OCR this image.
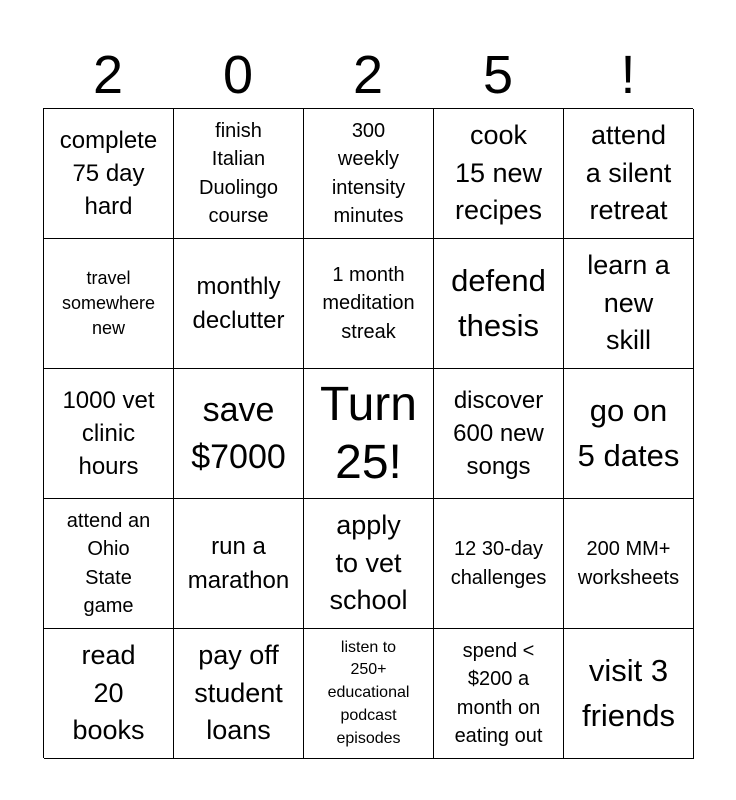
2	0	2	5	!
complete
75 day
hard
finish
Italian
Duolingo
course
300
weekly
intensity
minutes
cook
15 new
recipes
attend
a silent
retreat
travel
somewhere
new
monthly
declutter
1 month
meditation
streak
defend
thesis
learn a
new
skill
1000 vet
clinic
hours
save
$7000
Turn
25!
discover
600 new
songs
go on
5 dates
attend an
Ohio
State
game
run a
marathon
apply
to vet
school
12 30-day
challenges
200 MM+
worksheets
read
20
books
pay off
student
loans
listen to
250+
educational
podcast
episodes
spend <
$200 a
month on
eating out
visit 3
friends
